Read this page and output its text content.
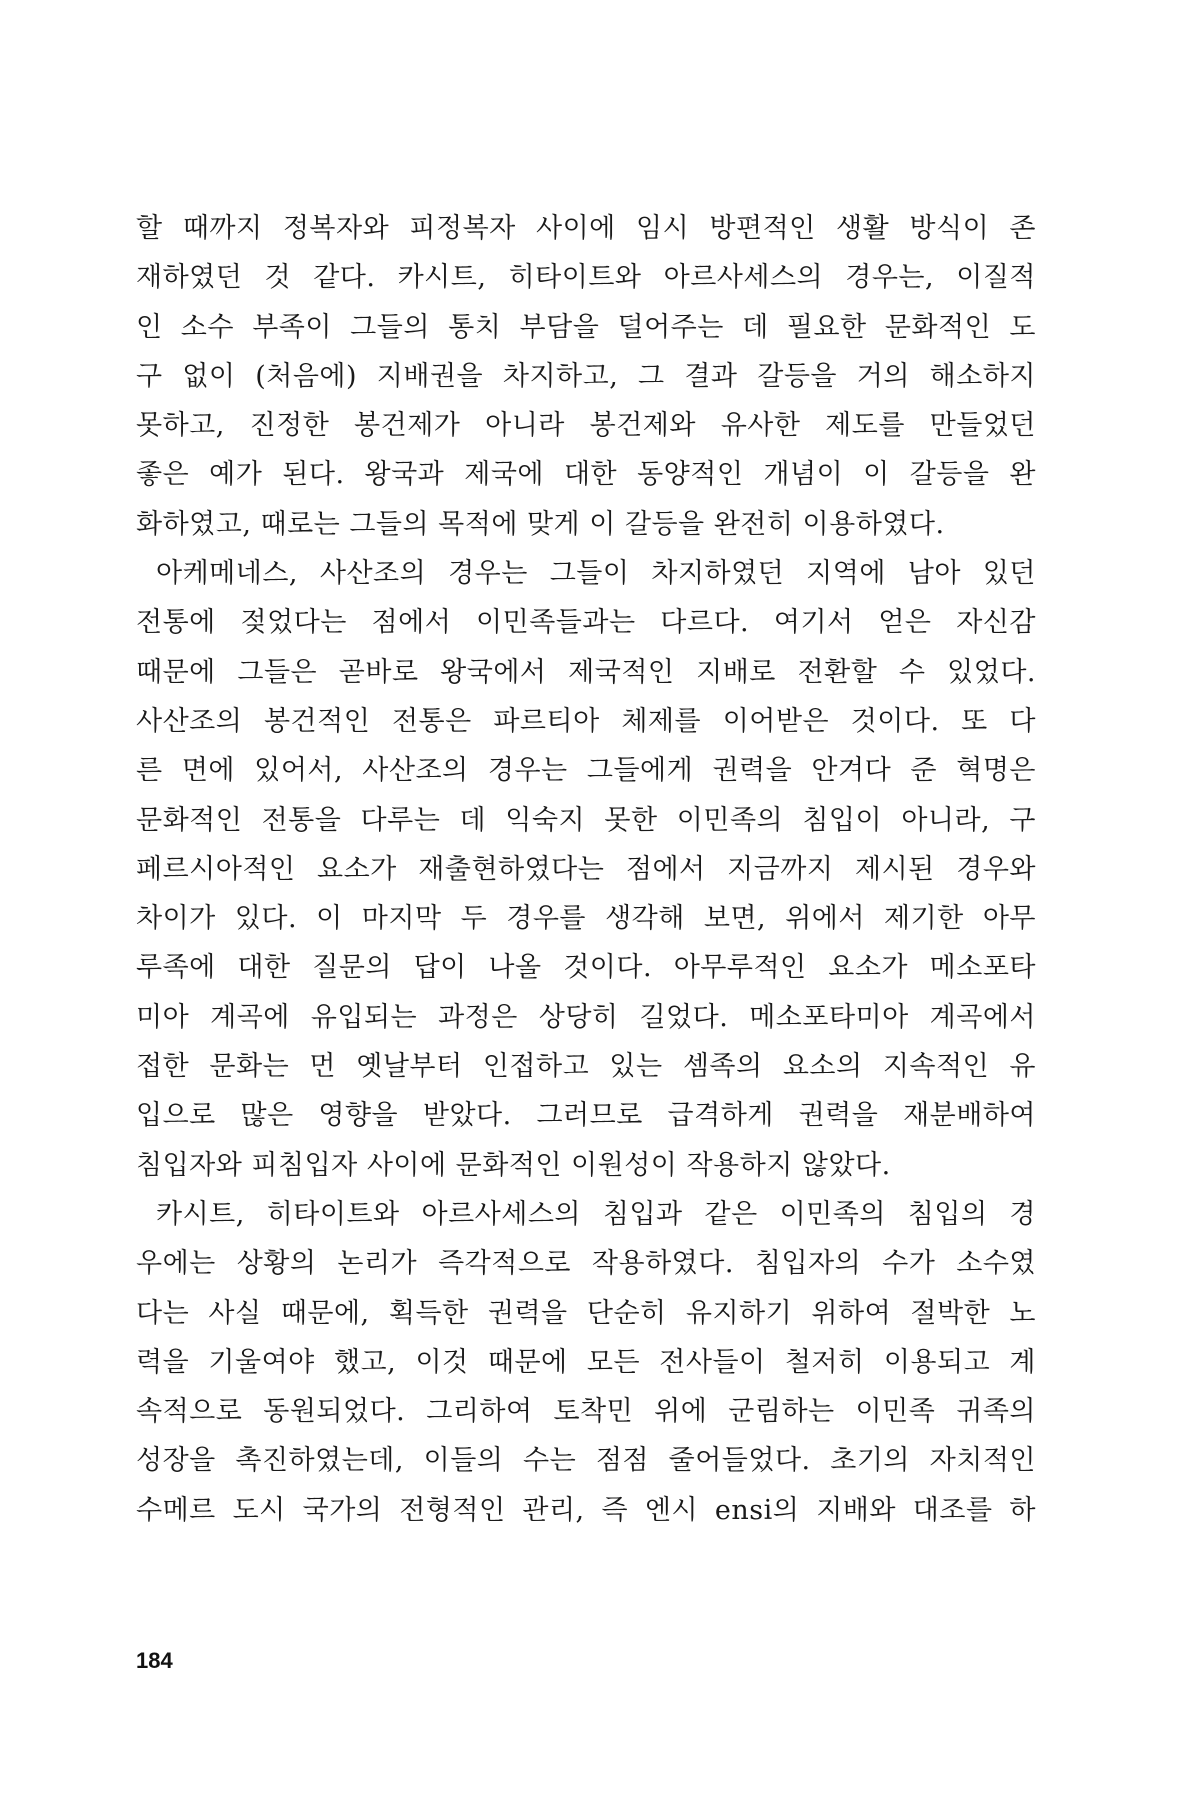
할 때까지 정복자와 피정복자 사이에 임시 방편적인 생활 방식이 존
재하였던 것 같다. 카시트, 히타이트와 아르사세스의 경우는, 이질적
인 소수 부족이 그들의 통치 부담을 덜어주는 데 필요한 문화적인 도
구 없이 (처음에) 지배권을 차지하고, 그 결과 갈등을 거의 해소하지
못하고, 진정한 봉건제가 아니라 봉건제와 유사한 제도를 만들었던
좋은 예가 된다. 왕국과 제국에 대한 동양적인 개념이 이 갈등을 완
화하였고, 때로는 그들의 목적에 맞게 이 갈등을 완전히 이용하였다.
아케메네스, 사산조의 경우는 그들이 차지하였던 지역에 남아 있던
전통에 젖었다는 점에서 이민족들과는 다르다. 여기서 얻은 자신감
때문에 그들은 곧바로 왕국에서 제국적인 지배로 전환할 수 있었다.
사산조의 봉건적인 전통은 파르티아 체제를 이어받은 것이다. 또 다
른 면에 있어서, 사산조의 경우는 그들에게 권력을 안겨다 준 혁명은
문화적인 전통을 다루는 데 익숙지 못한 이민족의 침입이 아니라, 구
페르시아적인 요소가 재출현하였다는 점에서 지금까지 제시된 경우와
차이가 있다. 이 마지막 두 경우를 생각해 보면, 위에서 제기한 아무
루족에 대한 질문의 답이 나올 것이다. 아무루적인 요소가 메소포타
미아 계곡에 유입되는 과정은 상당히 길었다. 메소포타미아 계곡에서
접한 문화는 먼 옛날부터 인접하고 있는 셈족의 요소의 지속적인 유
입으로 많은 영향을 받았다. 그러므로 급격하게 권력을 재분배하여
침입자와 피침입자 사이에 문화적인 이원성이 작용하지 않았다.
카시트, 히타이트와 아르사세스의 침입과 같은 이민족의 침입의 경
우에는 상황의 논리가 즉각적으로 작용하였다. 침입자의 수가 소수였
다는 사실 때문에, 획득한 권력을 단순히 유지하기 위하여 절박한 노
력을 기울여야 했고, 이것 때문에 모든 전사들이 철저히 이용되고 계
속적으로 동원되었다. 그리하여 토착민 위에 군림하는 이민족 귀족의
성장을 촉진하였는데, 이들의 수는 점점 줄어들었다. 초기의 자치적인
수메르 도시 국가의 전형적인 관리, 즉 엔시 ensi의 지배와 대조를 하
184
